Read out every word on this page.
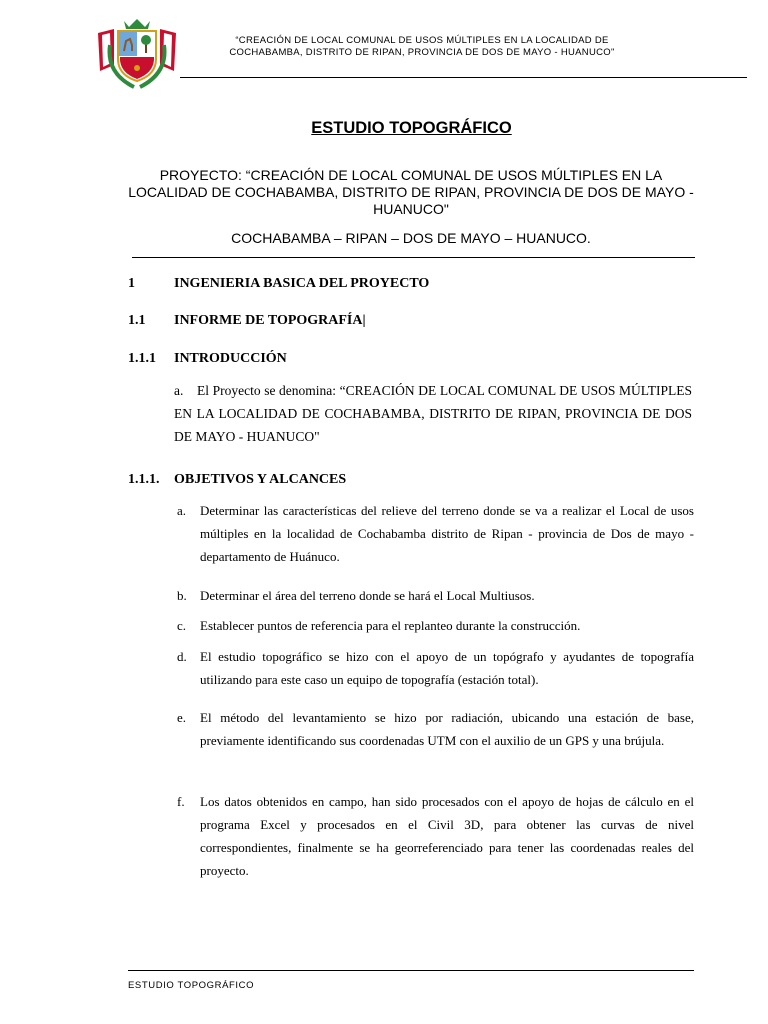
“CREACIÓN DE LOCAL COMUNAL DE USOS MÚLTIPLES EN LA LOCALIDAD DE
COCHABAMBA, DISTRITO DE RIPAN, PROVINCIA DE DOS DE MAYO - HUANUCO"
ESTUDIO TOPOGRÁFICO
PROYECTO: “CREACIÓN DE LOCAL COMUNAL DE USOS MÚLTIPLES EN LA LOCALIDAD DE COCHABAMBA, DISTRITO DE RIPAN, PROVINCIA DE DOS DE MAYO - HUANUCO"
COCHABAMBA – RIPAN – DOS DE MAYO – HUANUCO.
1	INGENIERIA BASICA DEL PROYECTO
1.1 INFORME DE TOPOGRAFÍA|
1.1.1 INTRODUCCIÓN
a. El Proyecto se denomina: “CREACIÓN DE LOCAL COMUNAL DE USOS MÚLTIPLES EN LA LOCALIDAD DE COCHABAMBA, DISTRITO DE RIPAN, PROVINCIA DE DOS DE MAYO - HUANUCO"
1.1.1. OBJETIVOS Y ALCANCES
a. Determinar las características del relieve del terreno donde se va a realizar el Local de usos múltiples en la localidad de Cochabamba distrito de Ripan - provincia de Dos de mayo - departamento de Huánuco.
b. Determinar el área del terreno donde se hará el Local Multiusos.
c. Establecer puntos de referencia para el replanteo durante la construcción.
d. El estudio topográfico se hizo con el apoyo de un topógrafo y ayudantes de topografía utilizando para este caso un equipo de topografía (estación total).
e. El método del levantamiento se hizo por radiación, ubicando una estación de base, previamente identificando sus coordenadas UTM con el auxilio de un GPS y una brújula.
f. Los datos obtenidos en campo, han sido procesados con el apoyo de hojas de cálculo en el programa Excel y procesados en el Civil 3D, para obtener las curvas de nivel correspondientes, finalmente se ha georreferenciado para tener las coordenadas reales del proyecto.
ESTUDIO TOPOGRÁFICO
